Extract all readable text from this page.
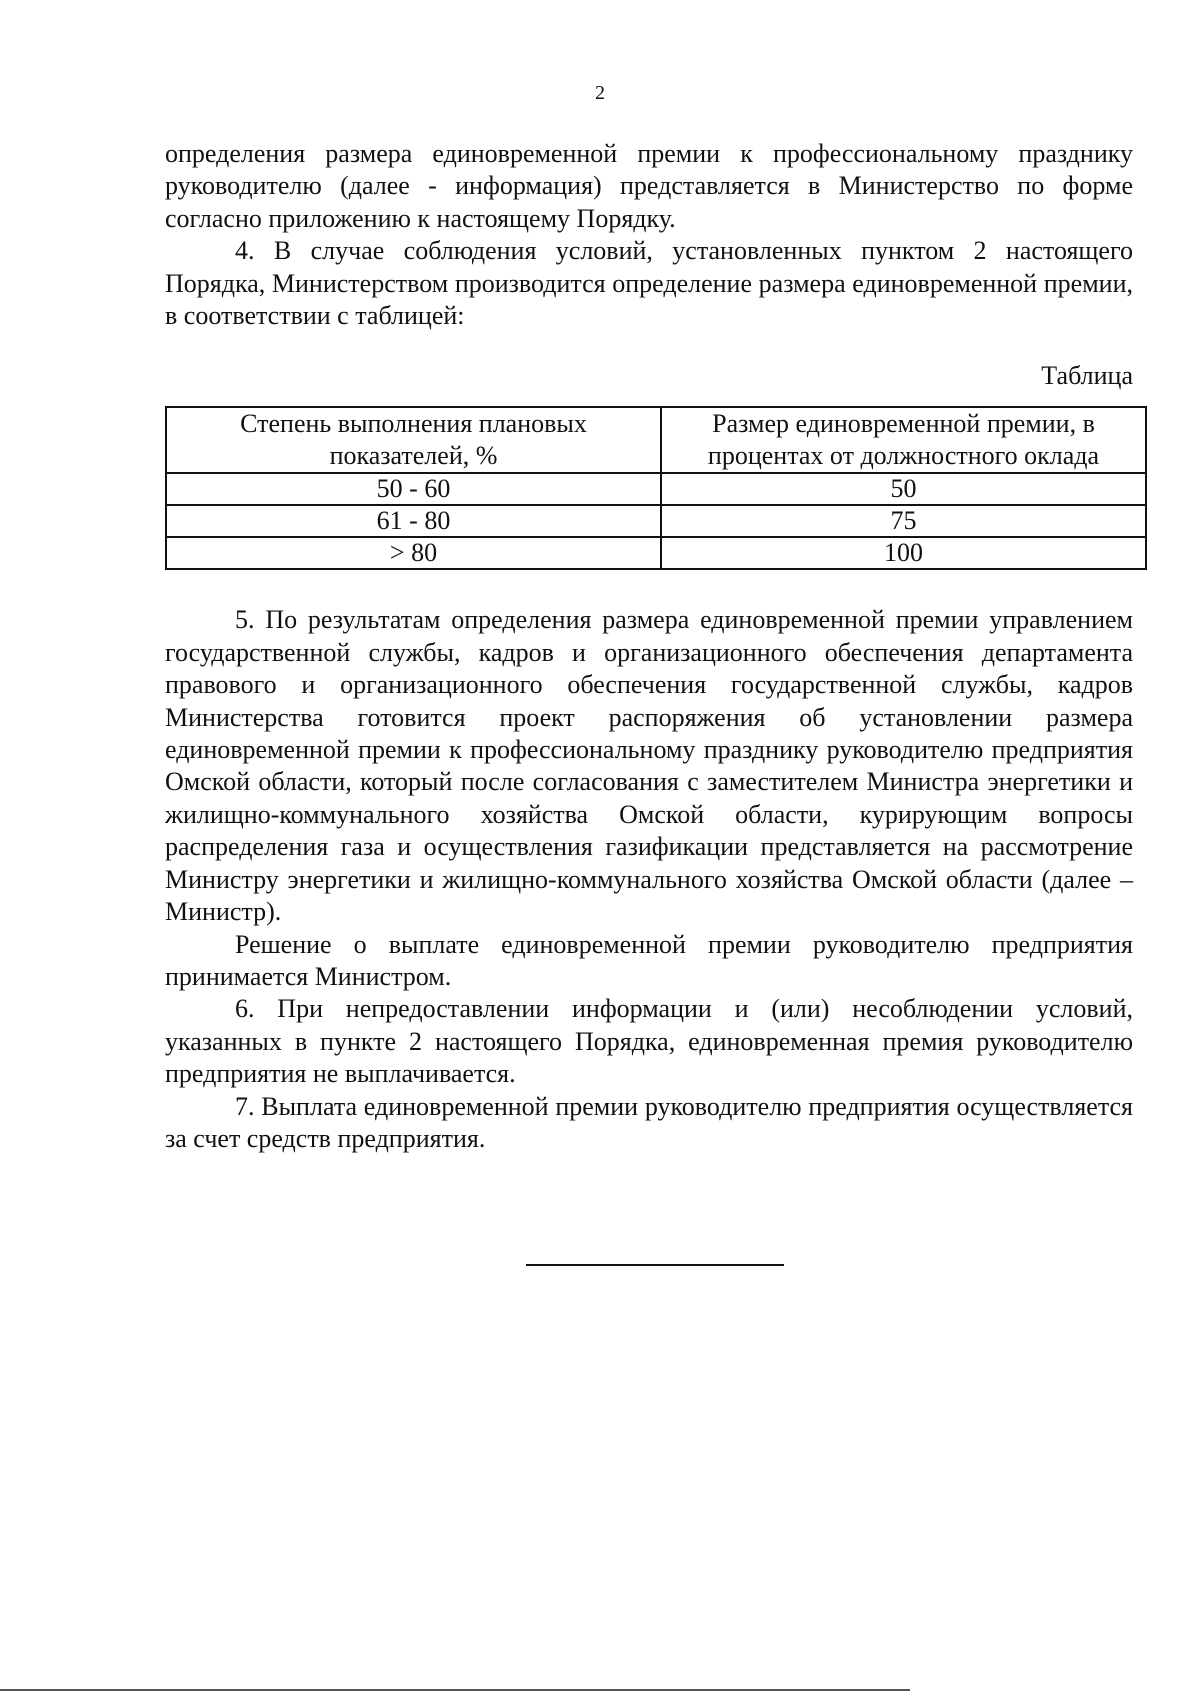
2

определения размера единовременной премии к профессиональному празднику руководителю (далее - информация) представляется в Министерство по форме согласно приложению к настоящему Порядку.

4. В случае соблюдения условий, установленных пунктом 2 настоящего Порядка, Министерством производится определение размера единовременной премии, в соответствии с таблицей:

Таблица
Степень выполнения плановых показателей, %	Размер единовременной премии, в процентах от должностного оклада
50 - 60	50
61 - 80	75
> 80	100

5. По результатам определения размера единовременной премии управлением государственной службы, кадров и организационного обеспечения департамента правового и организационного обеспечения государственной службы, кадров Министерства готовится проект распоряжения об установлении размера единовременной премии к профессиональному празднику руководителю предприятия Омской области, который после согласования с заместителем Министра энергетики и жилищно-коммунального хозяйства Омской области, курирующим вопросы распределения газа и осуществления газификации представляется на рассмотрение Министру энергетики и жилищно-коммунального хозяйства Омской области (далее – Министр).

Решение о выплате единовременной премии руководителю предприятия принимается Министром.

6. При непредоставлении информации и (или) несоблюдении условий, указанных в пункте 2 настоящего Порядка, единовременная премия руководителю предприятия не выплачивается.

7. Выплата единовременной премии руководителю предприятия осуществляется за счет средств предприятия.
